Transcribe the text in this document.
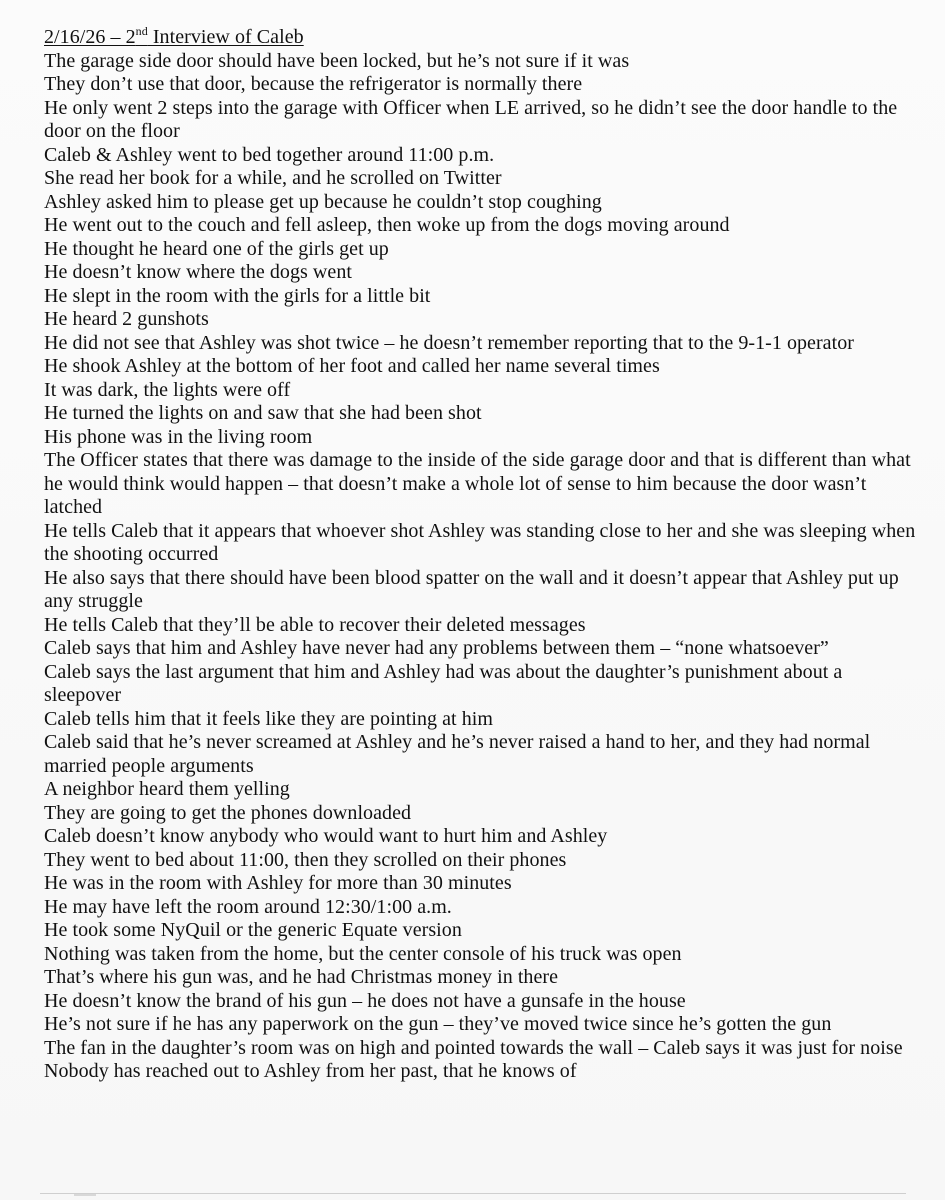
2/16/26 – 2nd Interview of Caleb
The garage side door should have been locked, but he’s not sure if it was
They don’t use that door, because the refrigerator is normally there
He only went 2 steps into the garage with Officer when LE arrived, so he didn’t see the door handle to the door on the floor
Caleb & Ashley went to bed together around 11:00 p.m.
She read her book for a while, and he scrolled on Twitter
Ashley asked him to please get up because he couldn’t stop coughing
He went out to the couch and fell asleep, then woke up from the dogs moving around
He thought he heard one of the girls get up
He doesn’t know where the dogs went
He slept in the room with the girls for a little bit
He heard 2 gunshots
He did not see that Ashley was shot twice – he doesn’t remember reporting that to the 9-1-1 operator
He shook Ashley at the bottom of her foot and called her name several times
It was dark, the lights were off
He turned the lights on and saw that she had been shot
His phone was in the living room
The Officer states that there was damage to the inside of the side garage door and that is different than what he would think would happen – that doesn’t make a whole lot of sense to him because the door wasn’t latched
He tells Caleb that it appears that whoever shot Ashley was standing close to her and she was sleeping when the shooting occurred
He also says that there should have been blood spatter on the wall and it doesn’t appear that Ashley put up any struggle
He tells Caleb that they’ll be able to recover their deleted messages
Caleb says that him and Ashley have never had any problems between them – “none whatsoever”
Caleb says the last argument that him and Ashley had was about the daughter’s punishment about a sleepover
Caleb tells him that it feels like they are pointing at him
Caleb said that he’s never screamed at Ashley and he’s never raised a hand to her, and they had normal married people arguments
A neighbor heard them yelling
They are going to get the phones downloaded
Caleb doesn’t know anybody who would want to hurt him and Ashley
They went to bed about 11:00, then they scrolled on their phones
He was in the room with Ashley for more than 30 minutes
He may have left the room around 12:30/1:00 a.m.
He took some NyQuil or the generic Equate version
Nothing was taken from the home, but the center console of his truck was open
That’s where his gun was, and he had Christmas money in there
He doesn’t know the brand of his gun – he does not have a gunsafe in the house
He’s not sure if he has any paperwork on the gun – they’ve moved twice since he’s gotten the gun
The fan in the daughter’s room was on high and pointed towards the wall – Caleb says it was just for noise
Nobody has reached out to Ashley from her past, that he knows of
